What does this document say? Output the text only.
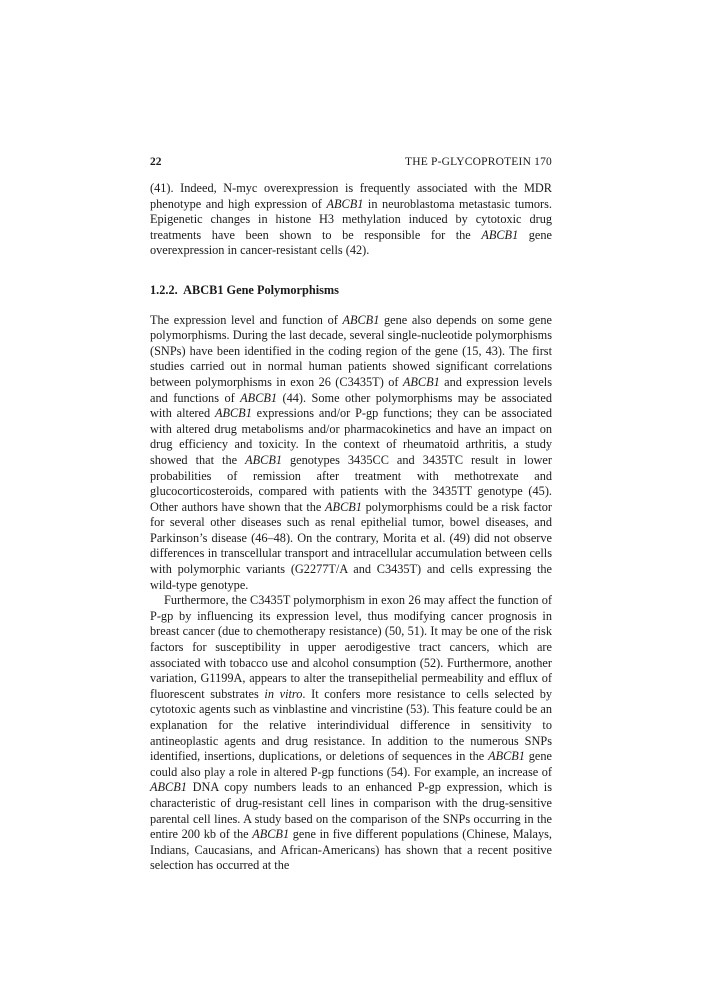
22	THE P-GLYCOPROTEIN 170

(41). Indeed, N-myc overexpression is frequently associated with the MDR phenotype and high expression of ABCB1 in neuroblastoma metastasic tumors. Epigenetic changes in histone H3 methylation induced by cytotoxic drug treatments have been shown to be responsible for the ABCB1 gene overexpression in cancer-resistant cells (42).

1.2.2. ABCB1 Gene Polymorphisms

The expression level and function of ABCB1 gene also depends on some gene polymorphisms. During the last decade, several single-nucleotide polymorphisms (SNPs) have been identified in the coding region of the gene (15, 43). The first studies carried out in normal human patients showed significant correlations between polymorphisms in exon 26 (C3435T) of ABCB1 and expression levels and functions of ABCB1 (44). Some other polymorphisms may be associated with altered ABCB1 expressions and/or P-gp functions; they can be associated with altered drug metabolisms and/or pharmacokinetics and have an impact on drug efficiency and toxicity. In the context of rheumatoid arthritis, a study showed that the ABCB1 genotypes 3435CC and 3435TC result in lower probabilities of remission after treatment with methotrexate and glucocorticosteroids, compared with patients with the 3435TT genotype (45). Other authors have shown that the ABCB1 polymorphisms could be a risk factor for several other diseases such as renal epithelial tumor, bowel diseases, and Parkinson’s disease (46–48). On the contrary, Morita et al. (49) did not observe differences in transcellular transport and intracellular accumulation between cells with polymorphic variants (G2277T/A and C3435T) and cells expressing the wild-type genotype.

Furthermore, the C3435T polymorphism in exon 26 may affect the function of P-gp by influencing its expression level, thus modifying cancer prognosis in breast cancer (due to chemotherapy resistance) (50, 51). It may be one of the risk factors for susceptibility in upper aerodigestive tract cancers, which are associated with tobacco use and alcohol consumption (52). Furthermore, another variation, G1199A, appears to alter the transepithelial permeability and efflux of fluorescent substrates in vitro. It confers more resistance to cells selected by cytotoxic agents such as vinblastine and vincristine (53). This feature could be an explanation for the relative interindividual difference in sensitivity to antineoplastic agents and drug resistance. In addition to the numerous SNPs identified, insertions, duplications, or deletions of sequences in the ABCB1 gene could also play a role in altered P-gp functions (54). For example, an increase of ABCB1 DNA copy numbers leads to an enhanced P-gp expression, which is characteristic of drug-resistant cell lines in comparison with the drug-sensitive parental cell lines. A study based on the comparison of the SNPs occurring in the entire 200 kb of the ABCB1 gene in five different populations (Chinese, Malays, Indians, Caucasians, and African-Americans) has shown that a recent positive selection has occurred at the
